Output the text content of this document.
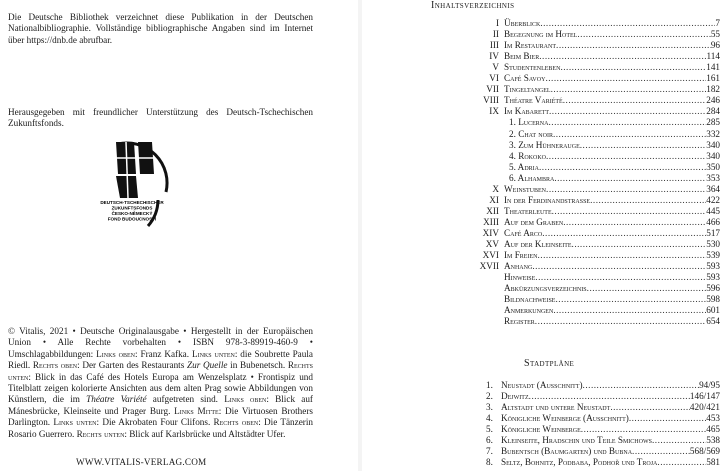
Die Deutsche Bibliothek verzeichnet diese Publikation in der Deutschen Nationalbibliographie. Vollständige bibliographische Angaben sind im Internet über https://dnb.de abrufbar.

Herausgegeben mit freundlicher Unterstützung des Deutsch-Tschechischen Zukunftsfonds.

DEUTSCH-TSCHECHISCHER
ZUKUNFTSFONDS
ČESKO-NĚMECKÝ
FOND BUDOUCNOSTI

© Vitalis, 2021 • Deutsche Originalausgabe • Hergestellt in der Europäischen Union • Alle Rechte vorbehalten • ISBN 978-3-89919-460-9 • Umschlagabbildungen: Links oben: Franz Kafka. Links unten: die Soubrette Paula Riedl. Rechts oben: Der Garten des Restaurants Zur Quelle in Bubenetsch. Rechts unten: Blick in das Café des Hotels Europa am Wenzelsplatz • Frontispiz und Titelblatt zeigen kolorierte Ansichten aus dem alten Prag sowie Abbildungen von Künstlern, die im Théatre Variété aufgetreten sind. Links oben: Blick auf Mánesbrücke, Kleinseite und Prager Burg. Links Mitte: Die Virtuosen Brothers Darlington. Links unten: Die Akrobaten Four Clifons. Rechts oben: Die Tänzerin Rosario Guerrero. Rechts unten: Blick auf Karlsbrücke und Altstädter Ufer.

WWW.VITALIS-VERLAG.COM
Inhaltsverzeichnis
I Überblick .....	7
II Begegnung im Hotel .....	55
III Im Restaurant .....	96
IV Beim Bier .....	114
V Studentenleben .....	141
VI Café Savoy .....	161
VII Tingeltangel .....	182
VIII Théatre Variété .....	246
IX Im Kabarett .....	284
1. Lucerna .....	285
2. Chat noir .....	332
3. Zum Hühnerauge .....	340
4. Rokoko .....	340
5. Adria .....	350
6. Alhambra .....	353
X Weinstuben .....	364
XI In der Ferdinandstrasse .....	422
XII Theaterleute .....	445
XIII Auf dem Graben .....	466
XIV Café Arco .....	517
XV Auf der Kleinseite .....	530
XVI Im Freien .....	539
XVII Anhang .....	593
Hinweise .....	593
Abkürzungsverzeichnis .....	596
Bildnachweise .....	598
Anmerkungen .....	601
Register .....	654
Stadtpläne
1. Neustadt (Ausschnitt) .....	94/95
2. Dejwitz .....	146/147
3. Altstadt und untere Neustadt .....	420/421
4. Königliche Weinberge (Ausschnitt) .....	453
5. Königliche Weinberge .....	465
6. Kleinseite, Hradschin und Teile Smichows .....	538
7. Bubentsch (Baumgarten) und Bubna .....	568/569
8. Seltz, Bohnitz, Podbaba, Podhoř und Troja .....	581
